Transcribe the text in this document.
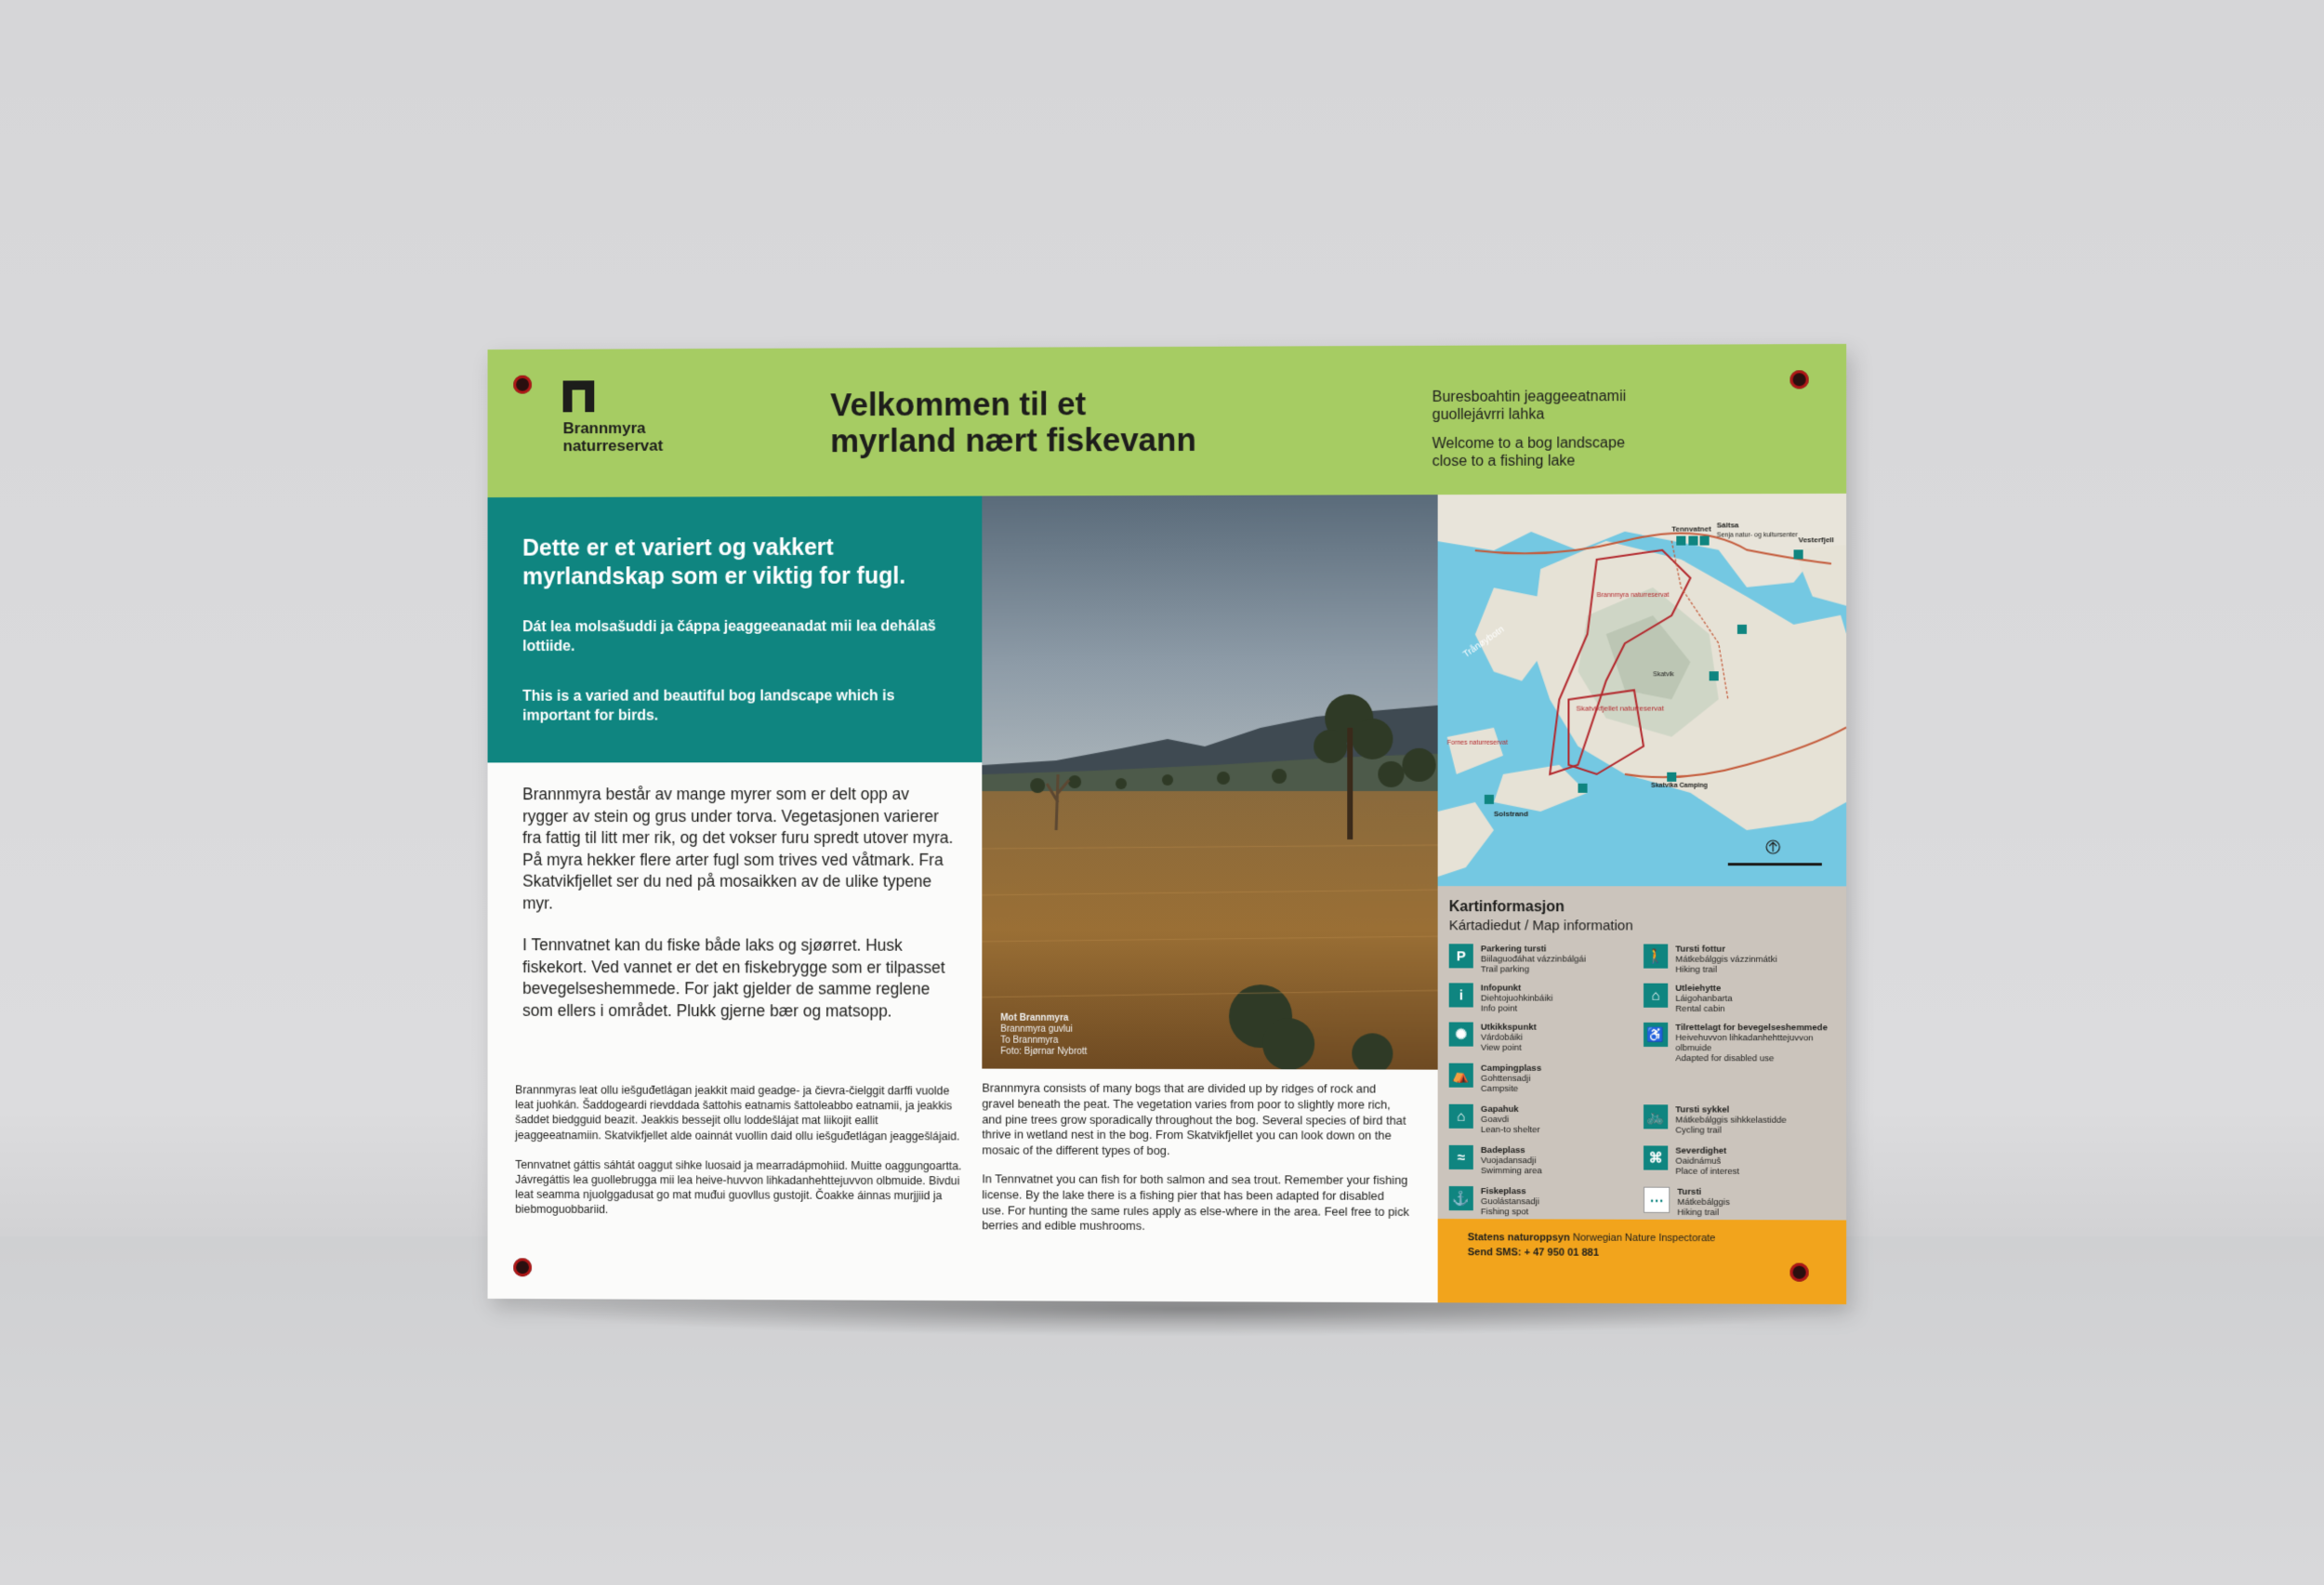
Brannmyra
naturreservat
Velkommen til et
myrland nært fiskevann

Buresboahtin jeaggeeatnamii
guollejávrri lahka

Welcome to a bog landscape
close to a fishing lake

Dette er et variert og vakkert myrlandskap som er viktig for fugl.
Dát lea molsašuddi ja čáppa jeaggeeanadat mii lea dehálaš lottiide.
This is a varied and beautiful bog landscape which is important for birds.

Brannmyra består av mange myrer som er delt opp av rygger av stein og grus under torva. Vegetasjonen varierer fra fattig til litt mer rik, og det vokser furu spredt utover myra. På myra hekker flere arter fugl som trives ved våtmark. Fra Skatvikfjellet ser du ned på mosaikken av de ulike typene myr.

I Tennvatnet kan du fiske både laks og sjøørret. Husk fiskekort. Ved vannet er det en fiskebrygge som er tilpasset bevegelseshemmede. For jakt gjelder de samme reglene som ellers i området. Plukk gjerne bær og matsopp.

Brannmyras leat ollu iešguđetlágan jeakkit maid geadge- ja čievra-čielggit darffi vuolde leat juohkán. Šaddogeardi rievddada šattohis eatnamis šattoleabbo eatnamii, ja jeakkis šaddet biedgguid beazit. Jeakkis bessejit ollu loddešlájat mat liikojit eallit jeaggeeatnamiin. Skatvikfjellet alde oainnát vuollin daid ollu iešguđetlágan jeaggešlájaid.

Tennvatnet gáttis sáhtát oaggut sihke luosaid ja mearradápmohiid. Muitte oaggungoartta. Jávregáttis lea guollebrugga mii lea heive-huvvon lihkadanhehttejuvvon olbmuide. Bivdui leat seamma njuolggadusat go mat muđui guovllus gustojit. Čoakke áinnas murjjiid ja biebmoguobbariid.

Mot Brannmyra
Brannmyra guvlui
To Brannmyra
Foto: Bjørnar Nybrott

Brannmyra consists of many bogs that are divided up by ridges of rock and gravel beneath the peat. The vegetation varies from poor to slightly more rich, and pine trees grow sporadically throughout the bog. Several species of bird that thrive in wetland nest in the bog. From Skatvikfjellet you can look down on the mosaic of the different types of bog.

In Tennvatnet you can fish for both salmon and sea trout. Remember your fishing license. By the lake there is a fishing pier that has been adapted for disabled use. For hunting the same rules apply as else-where in the area. Feel free to pick berries and edible mushrooms.

Trånøybotn
Tennvatnet Sáltsa
Senja natur- og kultursenter
Vesterfjell
Brannmyra naturreservat
Skatvikfjellet naturreservat
Fornes naturreservat
Solstrand
Skatvika Camping
Skatvik
Kartinformasjon
Kártadiedut / Map information
P	Parkering tursti
Biilaguođáhat vázzinbálgái
Trail parking
i	Infopunkt
Diehtojuohkinbáiki
Info point
✺	Utkikkspunkt
Várdobáiki
View point
⛺	Campingplass
Gohttensadji
Campsite
⌂	Gapahuk
Goavdi
Lean-to shelter
≈	Badeplass
Vuojadansadji
Swimming area
⚓	Fiskeplass
Guolástansadji
Fishing spot
🚶	Tursti fottur
Mátkebálggis vázzinmátki
Hiking trail
⌂	Utleiehytte
Láigohanbarta
Rental cabin
♿	Tilrettelagt for bevegelseshemmede
Heivehuvvon lihkadanhehttejuvvon olbmuide
Adapted for disabled use
🚲	Tursti sykkel
Mátkebálggis sihkkelastidde
Cycling trail
⌘	Severdighet
Oaidnámuš
Place of interest
⋯
Tursti
Mátkebálggis
Hiking trail
Statens naturoppsyn Norwegian Nature Inspectorate
Send SMS: + 47 950 01 881
